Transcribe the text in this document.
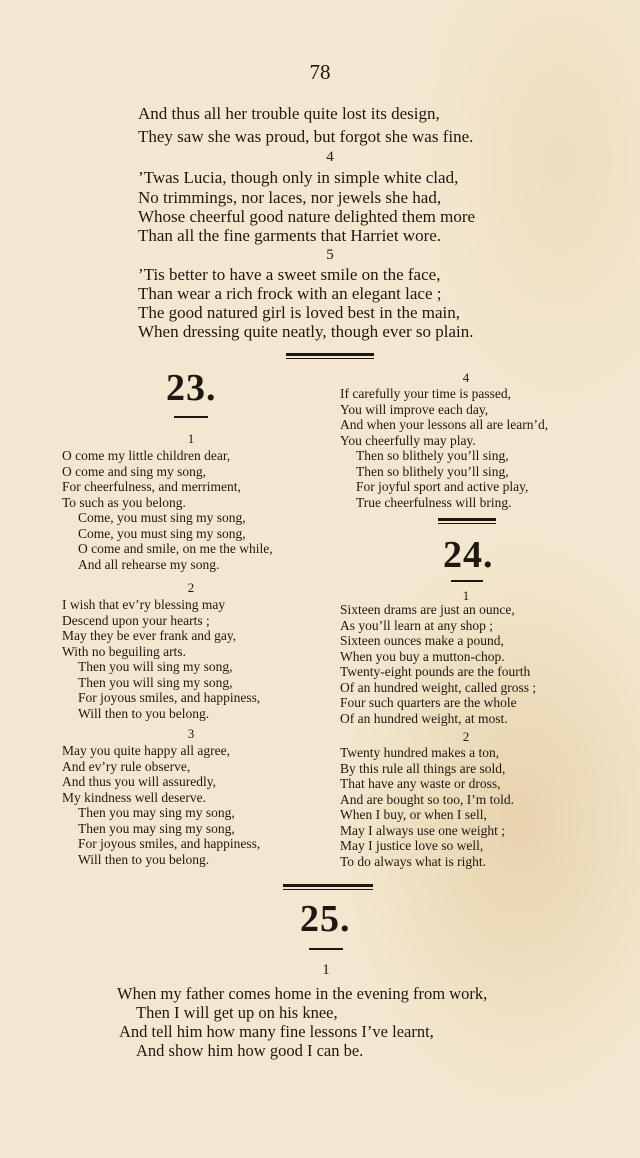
78
And thus all her trouble quite lost its design,
They saw she was proud, but forgot she was fine.
4
’Twas Lucia, though only in simple white clad,
No trimmings, nor laces, nor jewels she had,
Whose cheerful good nature delighted them more
Than all the fine garments that Harriet wore.
5
’Tis better to have a sweet smile on the face,
Than wear a rich frock with an elegant lace ;
The good natured girl is loved best in the main,
When dressing quite neatly, though ever so plain.
23.
1
O come my little children dear,
O come and sing my song,
For cheerfulness, and merriment,
To such as you belong.
Come, you must sing my song,
Come, you must sing my song,
O come and smile, on me the while,
And all rehearse my song.
2
I wish that ev’ry blessing may
Descend upon your hearts ;
May they be ever frank and gay,
With no beguiling arts.
Then you will sing my song,
Then you will sing my song,
For joyous smiles, and happiness,
Will then to you belong.
3
May you quite happy all agree,
And ev’ry rule observe,
And thus you will assuredly,
My kindness well deserve.
Then you may sing my song,
Then you may sing my song,
For joyous smiles, and happiness,
Will then to you belong.
4
If carefully your time is passed,
You will improve each day,
And when your lessons all are learn’d,
You cheerfully may play.
Then so blithely you’ll sing,
Then so blithely you’ll sing,
For joyful sport and active play,
True cheerfulness will bring.
24.
1
Sixteen drams are just an ounce,
As you’ll learn at any shop ;
Sixteen ounces make a pound,
When you buy a mutton-chop.
Twenty-eight pounds are the fourth
Of an hundred weight, called gross ;
Four such quarters are the whole
Of an hundred weight, at most.
2
Twenty hundred makes a ton,
By this rule all things are sold,
That have any waste or dross,
And are bought so too, I’m told.
When I buy, or when I sell,
May I always use one weight ;
May I justice love so well,
To do always what is right.
25.
1
When my father comes home in the evening from work,
Then I will get up on his knee,
And tell him how many fine lessons I’ve learnt,
And show him how good I can be.
